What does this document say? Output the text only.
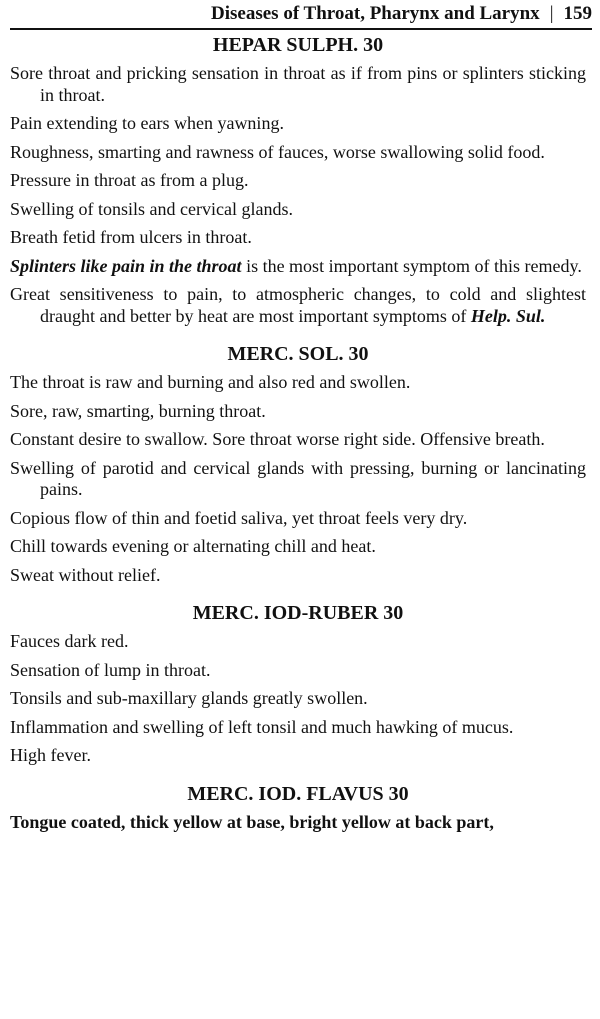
Diseases of Throat, Pharynx and Larynx | 159
HEPAR SULPH. 30

Sore throat and pricking sensation in throat as if from pins or splinters sticking in throat.

Pain extending to ears when yawning.

Roughness, smarting and rawness of fauces, worse swallowing solid food.

Pressure in throat as from a plug.

Swelling of tonsils and cervical glands.

Breath fetid from ulcers in throat.

Splinters like pain in the throat is the most important symptom of this remedy.

Great sensitiveness to pain, to atmospheric changes, to cold and slightest draught and better by heat are most important symptoms of Help. Sul.

MERC. SOL. 30

The throat is raw and burning and also red and swollen.

Sore, raw, smarting, burning throat.

Constant desire to swallow. Sore throat worse right side. Offensive breath.

Swelling of parotid and cervical glands with pressing, burning or lancinating pains.

Copious flow of thin and foetid saliva, yet throat feels very dry.

Chill towards evening or alternating chill and heat.

Sweat without relief.

MERC. IOD-RUBER 30

Fauces dark red.

Sensation of lump in throat.

Tonsils and sub-maxillary glands greatly swollen.

Inflammation and swelling of left tonsil and much hawking of mucus.

High fever.

MERC. IOD. FLAVUS 30

Tongue coated, thick yellow at base, bright yellow at back part,
